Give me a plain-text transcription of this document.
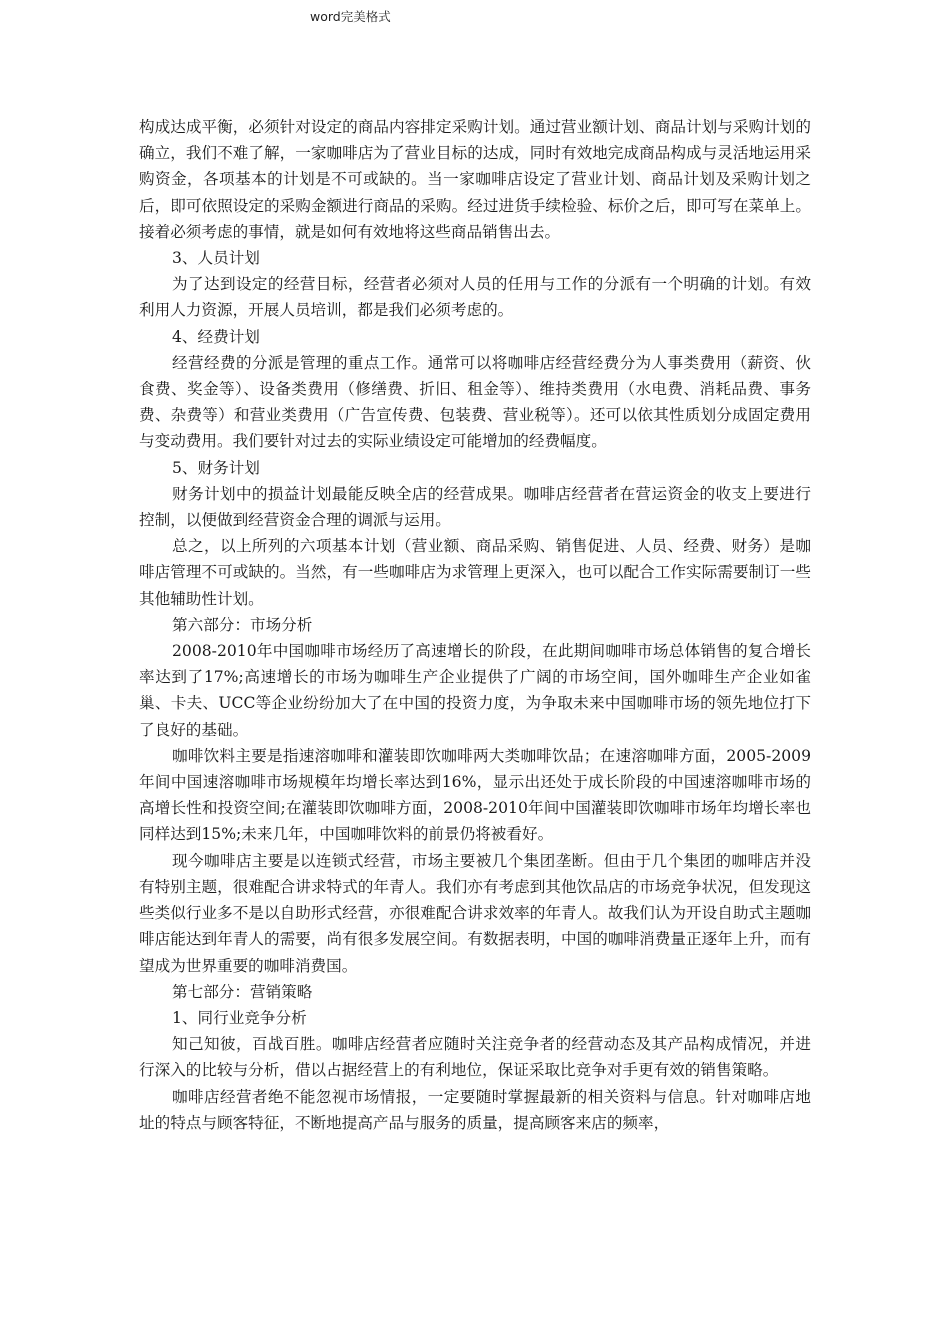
word完美格式

构成达成平衡，必须针对设定的商品内容排定采购计划。通过营业额计划、商品计划与采购计划的确立，我们不难了解，一家咖啡店为了营业目标的达成，同时有效地完成商品构成与灵活地运用采购资金，各项基本的计划是不可或缺的。当一家咖啡店设定了营业计划、商品计划及采购计划之后，即可依照设定的采购金额进行商品的采购。经过进货手续检验、标价之后，即可写在菜单上。接着必须考虑的事情，就是如何有效地将这些商品销售出去。

3、人员计划

为了达到设定的经营目标，经营者必须对人员的任用与工作的分派有一个明确的计划。有效利用人力资源，开展人员培训，都是我们必须考虑的。

4、经费计划

经营经费的分派是管理的重点工作。通常可以将咖啡店经营经费分为人事类费用（薪资、伙食费、奖金等）、设备类费用（修缮费、折旧、租金等）、维持类费用（水电费、消耗品费、事务费、杂费等）和营业类费用（广告宣传费、包装费、营业税等）。还可以依其性质划分成固定费用与变动费用。我们要针对过去的实际业绩设定可能增加的经费幅度。

5、财务计划

财务计划中的损益计划最能反映全店的经营成果。咖啡店经营者在营运资金的收支上要进行控制，以便做到经营资金合理的调派与运用。

总之，以上所列的六项基本计划（营业额、商品采购、销售促进、人员、经费、财务）是咖啡店管理不可或缺的。当然，有一些咖啡店为求管理上更深入，也可以配合工作实际需要制订一些其他辅助性计划。

第六部分：市场分析

2008-2010年中国咖啡市场经历了高速增长的阶段，在此期间咖啡市场总体销售的复合增长率达到了17%;高速增长的市场为咖啡生产企业提供了广阔的市场空间，国外咖啡生产企业如雀巢、卡夫、UCC等企业纷纷加大了在中国的投资力度，为争取未来中国咖啡市场的领先地位打下了良好的基础。

咖啡饮料主要是指速溶咖啡和灌装即饮咖啡两大类咖啡饮品；在速溶咖啡方面，2005-2009年间中国速溶咖啡市场规模年均增长率达到16%，显示出还处于成长阶段的中国速溶咖啡市场的高增长性和投资空间;在灌装即饮咖啡方面，2008-2010年间中国灌装即饮咖啡市场年均增长率也同样达到15%;未来几年，中国咖啡饮料的前景仍将被看好。

现今咖啡店主要是以连锁式经营，市场主要被几个集团垄断。但由于几个集团的咖啡店并没有特别主题，很难配合讲求特式的年青人。我们亦有考虑到其他饮品店的市场竞争状况，但发现这些类似行业多不是以自助形式经营，亦很难配合讲求效率的年青人。故我们认为开设自助式主题咖啡店能达到年青人的需要，尚有很多发展空间。有数据表明，中国的咖啡消费量正逐年上升，而有望成为世界重要的咖啡消费国。

第七部分：营销策略

1、同行业竞争分析

知己知彼，百战百胜。咖啡店经营者应随时关注竞争者的经营动态及其产品构成情况，并进行深入的比较与分析，借以占据经营上的有利地位，保证采取比竞争对手更有效的销售策略。

咖啡店经营者绝不能忽视市场情报，一定要随时掌握最新的相关资料与信息。针对咖啡店地址的特点与顾客特征，不断地提高产品与服务的质量，提高顾客来店的频率，
